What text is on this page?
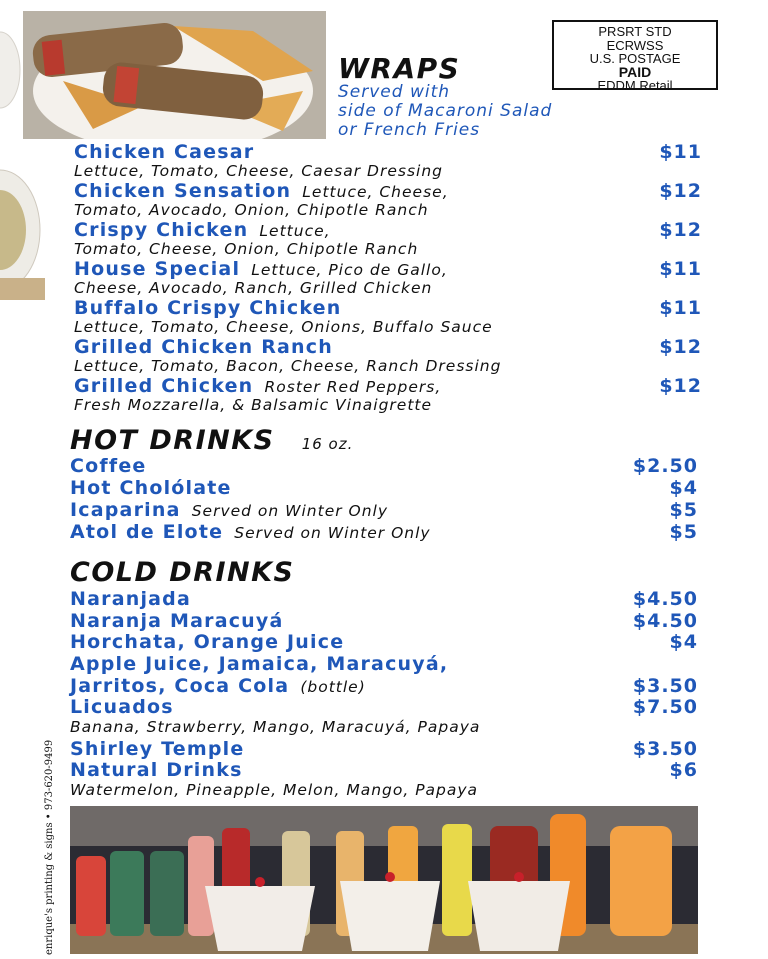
PRSRT STD
ECRWSS
U.S. POSTAGE
PAID
EDDM Retail
WRAPS
Served with
side of Macaroni Salad
or French Fries
Chicken Caesar
Lettuce, Tomato, Cheese, Caesar Dressing
$11
Chicken Sensation Lettuce, Cheese,
Tomato, Avocado, Onion, Chipotle Ranch
$12
Crispy Chicken Lettuce,
Tomato, Cheese, Onion, Chipotle Ranch
$12
House Special Lettuce, Pico de Gallo,
Cheese, Avocado, Ranch, Grilled Chicken
$11
Buffalo Crispy Chicken
Lettuce, Tomato, Cheese, Onions, Buffalo Sauce
$11
Grilled Chicken Ranch
Lettuce, Tomato, Bacon, Cheese, Ranch Dressing
$12
Grilled Chicken Roster Red Peppers,
Fresh Mozzarella, & Balsamic Vinaigrette
$12
HOT DRINKS 16 oz.
Coffee	$2.50
Hot Cholólate	$4
Icaparina Served on Winter Only	$5
Atol de Elote Served on Winter Only	$5
COLD DRINKS
Naranjada	$4.50
Naranja Maracuyá	$4.50
Horchata, Orange Juice	$4
Apple Juice, Jamaica, Maracuyá,
Jarritos, Coca Cola (bottle)	$3.50
Licuados	$7.50
Banana, Strawberry, Mango, Maracuyá, Papaya
Shirley Temple	$3.50
Natural Drinks	$6
Watermelon, Pineapple, Melon, Mango, Papaya
enrique's printing & signs • 973-620-9499
